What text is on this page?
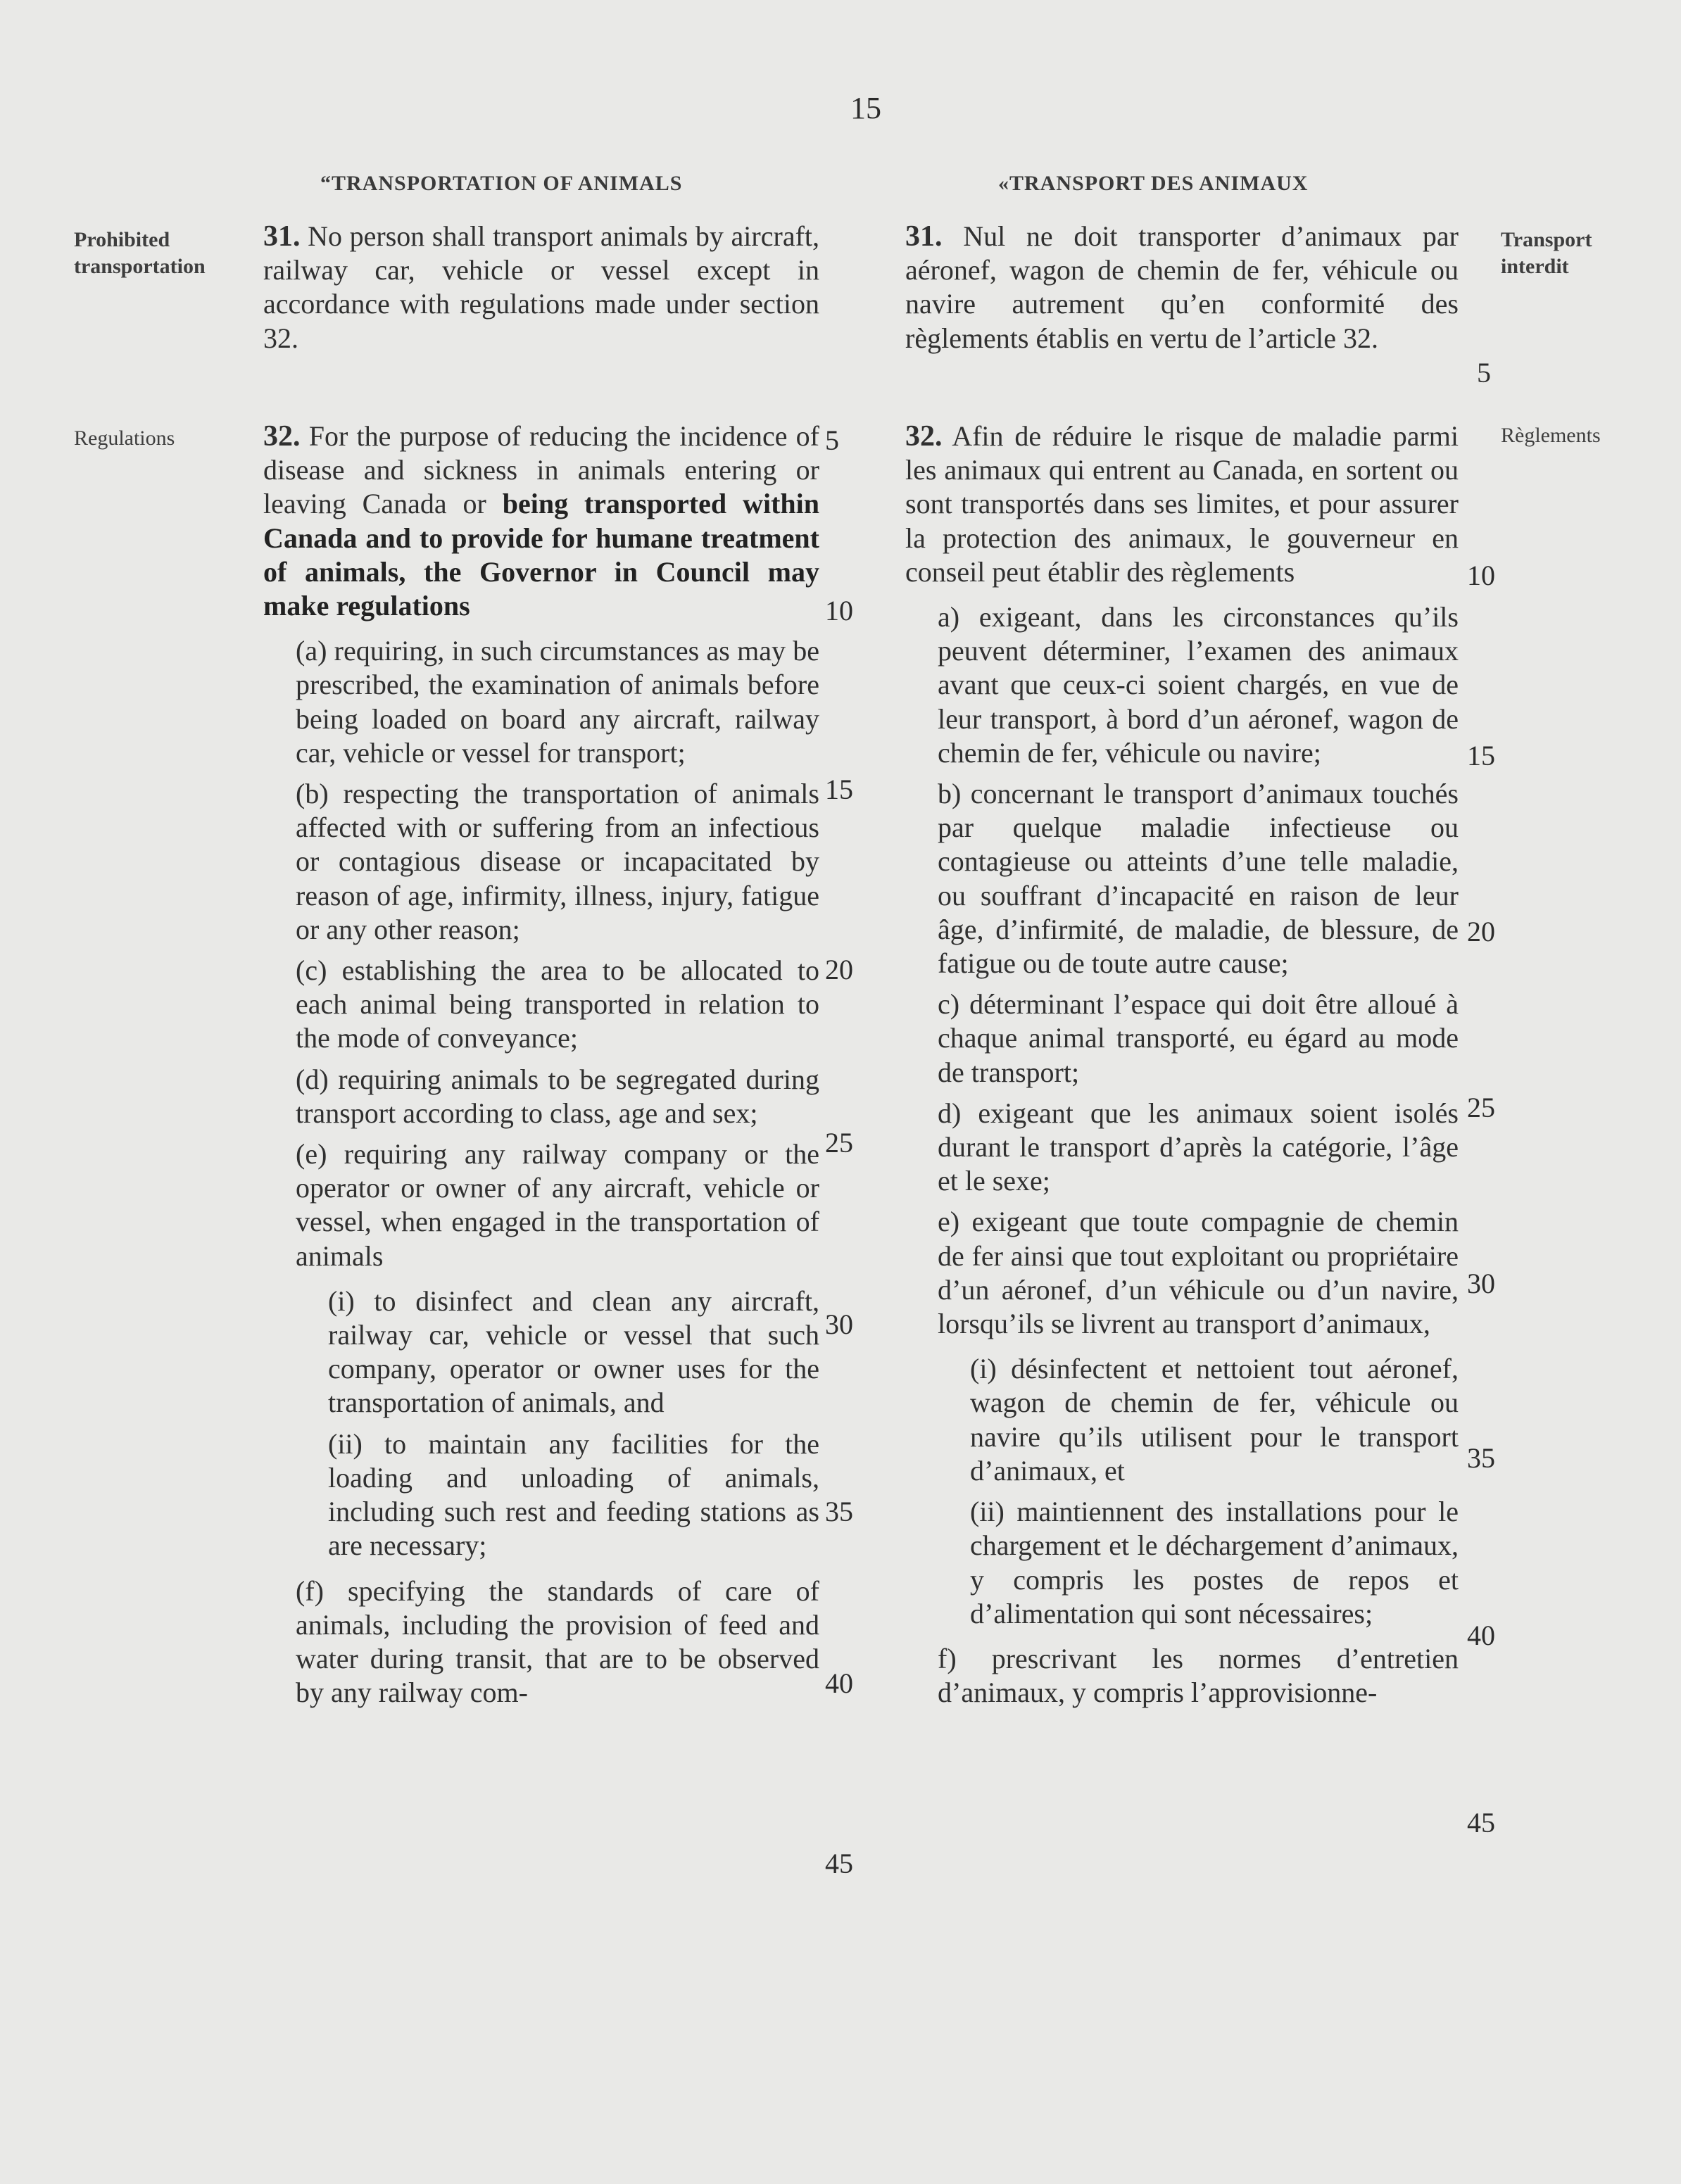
15
“TRANSPORTATION OF ANIMALS	«TRANSPORT DES ANIMAUX
Prohibited transportation
Regulations
Transport interdit
Règlements

31. No person shall transport animals by aircraft, railway car, vehicle or vessel except in accordance with regulations made under section 32.

32. For the purpose of reducing the incidence of disease and sickness in animals entering or leaving Canada or being transported within Canada and to provide for humane treatment of animals, the Governor in Council may make regulations

(a) requiring, in such circumstances as may be prescribed, the examination of animals before being loaded on board any aircraft, railway car, vehicle or vessel for transport;

(b) respecting the transportation of animals affected with or suffering from an infectious or contagious disease or incapacitated by reason of age, infirmity, illness, injury, fatigue or any other reason;

(c) establishing the area to be allocated to each animal being transported in relation to the mode of conveyance;

(d) requiring animals to be segregated during transport according to class, age and sex;

(e) requiring any railway company or the operator or owner of any aircraft, vehicle or vessel, when engaged in the transportation of animals

(i) to disinfect and clean any aircraft, railway car, vehicle or vessel that such company, operator or owner uses for the transportation of animals, and

(ii) to maintain any facilities for the loading and unloading of animals, including such rest and feeding stations as are necessary;

(f) specifying the standards of care of animals, including the provision of feed and water during transit, that are to be observed by any railway com-

31. Nul ne doit transporter d’animaux par aéronef, wagon de chemin de fer, véhicule ou navire autrement qu’en conformité des règlements établis en vertu de l’article 32.

32. Afin de réduire le risque de maladie parmi les animaux qui entrent au Canada, en sortent ou sont transportés dans ses limites, et pour assurer la protection des animaux, le gouverneur en conseil peut établir des règlements

a) exigeant, dans les circonstances qu’ils peuvent déterminer, l’examen des animaux avant que ceux-ci soient chargés, en vue de leur transport, à bord d’un aéronef, wagon de chemin de fer, véhicule ou navire;

b) concernant le transport d’animaux touchés par quelque maladie infectieuse ou contagieuse ou atteints d’une telle maladie, ou souffrant d’incapacité en raison de leur âge, d’infirmité, de maladie, de blessure, de fatigue ou de toute autre cause;

c) déterminant l’espace qui doit être alloué à chaque animal transporté, eu égard au mode de transport;

d) exigeant que les animaux soient isolés durant le transport d’après la catégorie, l’âge et le sexe;

e) exigeant que toute compagnie de chemin de fer ainsi que tout exploitant ou propriétaire d’un aéronef, d’un véhicule ou d’un navire, lorsqu’ils se livrent au transport d’animaux,

(i) désinfectent et nettoient tout aéronef, wagon de chemin de fer, véhicule ou navire qu’ils utilisent pour le transport d’animaux, et

(ii) maintiennent des installations pour le chargement et le déchargement d’animaux, y compris les postes de repos et d’alimentation qui sont nécessaires;

f) prescrivant les normes d’entretien d’animaux, y compris l’approvisionne-

5
10
15
20
25
30
35
40
45
5
10
15
20
25
30
35
40
45
